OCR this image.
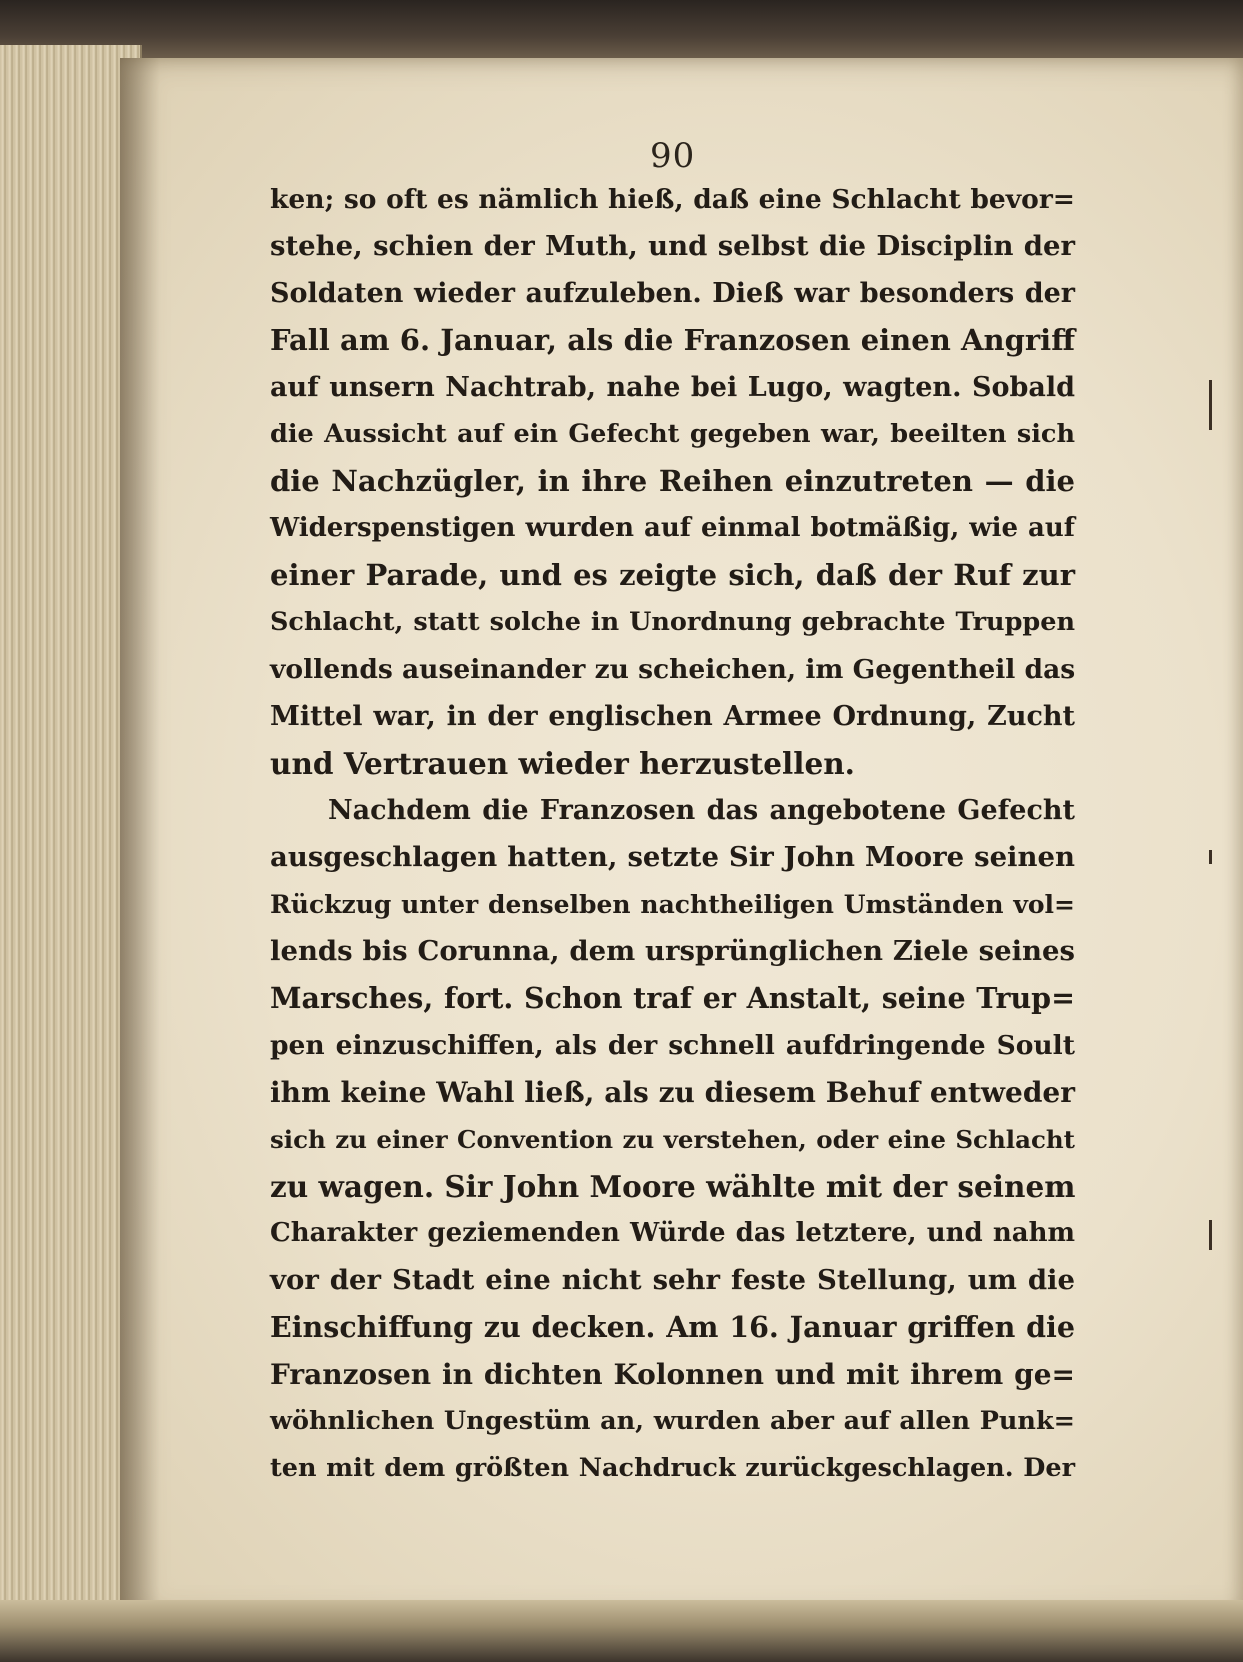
90
ken; so oft es nämlich hieß, daß eine Schlacht bevor=
stehe, schien der Muth, und selbst die Disciplin der
Soldaten wieder aufzuleben. Dieß war besonders der
Fall am 6. Januar, als die Franzosen einen Angriff
auf unsern Nachtrab, nahe bei Lugo, wagten. Sobald
die Aussicht auf ein Gefecht gegeben war, beeilten sich
die Nachzügler, in ihre Reihen einzutreten — die
Widerspenstigen wurden auf einmal botmäßig, wie auf
einer Parade, und es zeigte sich, daß der Ruf zur
Schlacht, statt solche in Unordnung gebrachte Truppen
vollends auseinander zu scheichen, im Gegentheil das
Mittel war, in der englischen Armee Ordnung, Zucht
und Vertrauen wieder herzustellen.
Nachdem die Franzosen das angebotene Gefecht
ausgeschlagen hatten, setzte Sir John Moore seinen
Rückzug unter denselben nachtheiligen Umständen vol=
lends bis Corunna, dem ursprünglichen Ziele seines
Marsches, fort. Schon traf er Anstalt, seine Trup=
pen einzuschiffen, als der schnell aufdringende Soult
ihm keine Wahl ließ, als zu diesem Behuf entweder
sich zu einer Convention zu verstehen, oder eine Schlacht
zu wagen. Sir John Moore wählte mit der seinem
Charakter geziemenden Würde das letztere, und nahm
vor der Stadt eine nicht sehr feste Stellung, um die
Einschiffung zu decken. Am 16. Januar griffen die
Franzosen in dichten Kolonnen und mit ihrem ge=
wöhnlichen Ungestüm an, wurden aber auf allen Punk=
ten mit dem größten Nachdruck zurückgeschlagen. Der
